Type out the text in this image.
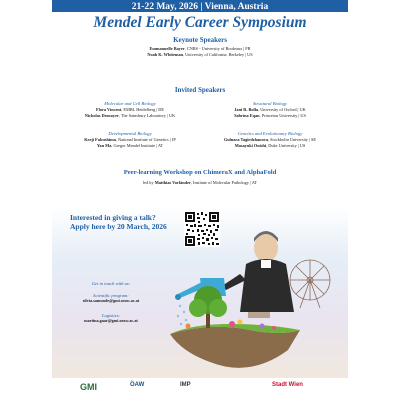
21-22 May, 2026 | Vienna, Austria
Mendel Early Career Symposium
Keynote Speakers
Emmanuelle Bayer, CNRS - University of Bordeaux | FR
Noah K. Whiteman, University of California, Berkeley | US
Invited Speakers
Molecular and Cell Biology
Flora Vincent, EMBL Heidelberg | DE
Nicholas Desnoyer, The Sainsbury Laboratory | UK
Structural Biology
Jani R. Bolla, University of Oxford | UK
Sabrina Eqan, Princeton University | US
Developmental Biology
Keeji Fukushima, National Institute of Genetics | JP
Yan Ma, Gregor Mendel Institute | AT
Genetics and Evolutionary Biology
Gulnara Tagirdzhanova, Stockholm University | SE
Masayuki Onishi, Duke University | US
Peer-learning Workshop on ChimeraX and AlphaFold
led by Matthias Vorländer, Institute of Molecular Pathology | AT
Interested in giving a talk?
Apply here by 20 March, 2026
Get in touch with us:
Scientific program:
silvia.samunde@gmi.oeaw.ac.at
Logistics:
martina.gaar@gmi.oeaw.ac.at
GMI	ÖAW	IMP	Stadt Wien
